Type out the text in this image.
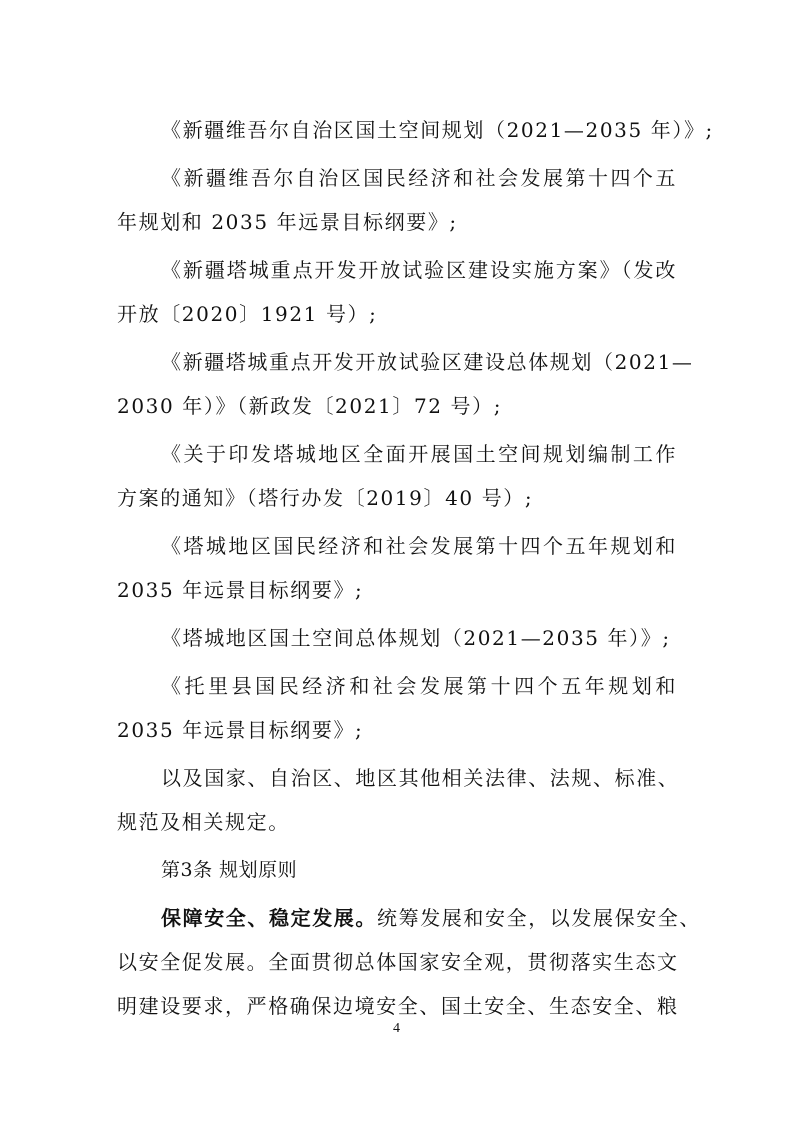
《新疆维吾尔自治区国土空间规划（2021—2035 年）》;
《新疆维吾尔自治区国民经济和社会发展第十四个五
年规划和 2035 年远景目标纲要》;
《新疆塔城重点开发开放试验区建设实施方案》（发改
开放〔2020〕1921 号）;
《新疆塔城重点开发开放试验区建设总体规划（2021—
2030 年）》（新政发〔2021〕72 号）;
《关于印发塔城地区全面开展国土空间规划编制工作
方案的通知》（塔行办发〔2019〕40 号）;
《塔城地区国民经济和社会发展第十四个五年规划和
2035 年远景目标纲要》;
《塔城地区国土空间总体规划（2021—2035 年）》;
《托里县国民经济和社会发展第十四个五年规划和
2035 年远景目标纲要》;
以及国家、自治区、地区其他相关法律、法规、标准、
规范及相关规定。
第3条 规划原则
保障安全、稳定发展。统筹发展和安全，以发展保安全、
以安全促发展。全面贯彻总体国家安全观，贯彻落实生态文
明建设要求，严格确保边境安全、国土安全、生态安全、粮
4
